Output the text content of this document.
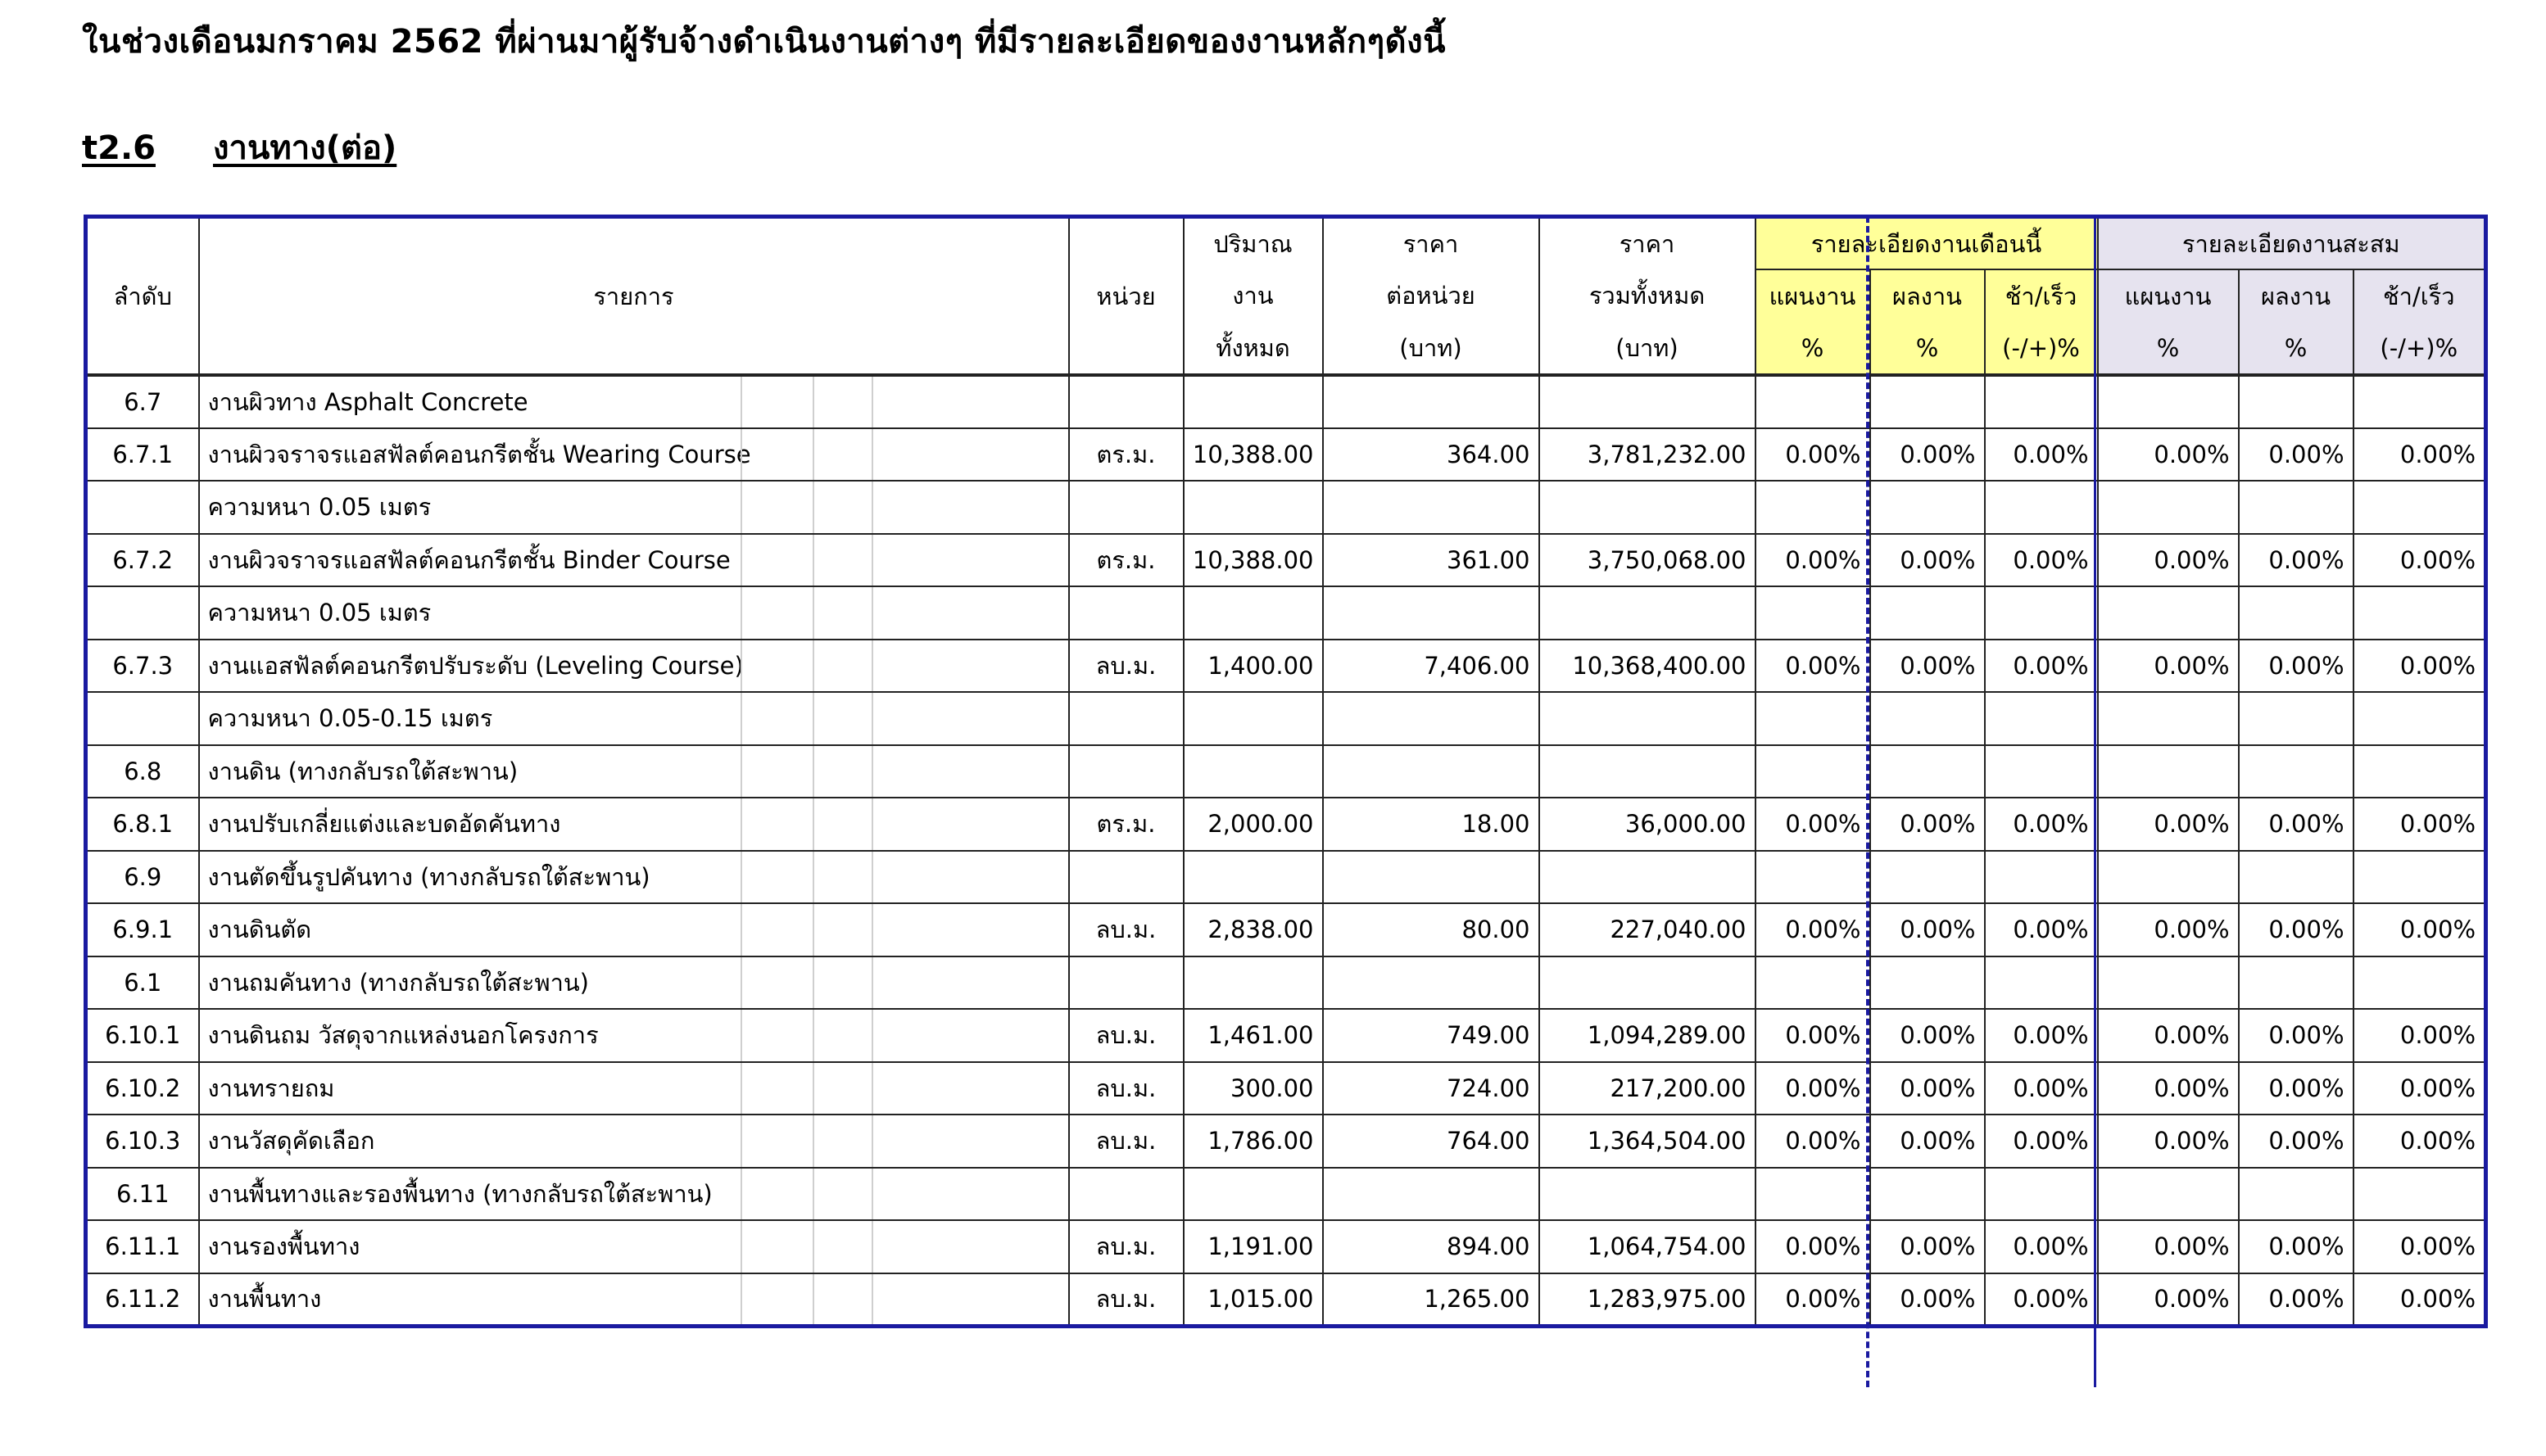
ในช่วงเดือนมกราคม 2562 ที่ผ่านมาผู้รับจ้างดำเนินงานต่างๆ ที่มีรายละเอียดของงานหลักๆดังนี้
t2.6 งานทาง(ต่อ)
ลำดับ	รายการ	หน่วย	ปริมาณ	ราคา	ราคา	รายละเอียดงานเดือนนี้			รายละเอียดงานสะสม		
			งาน	ต่อหน่วย	รวมทั้งหมด	แผนงาน	ผลงาน	ช้า/เร็ว	แผนงาน	ผลงาน	ช้า/เร็ว
			ทั้งหมด	(บาท)	(บาท)	%	%	(-/+)%	%	%	(-/+)%
6.7	งานผิวทาง Asphalt Concrete

6.7.1	งานผิวจราจรแอสฟัลต์คอนกรีตชั้น Wearing Course	ตร.ม.	10,388.00	364.00	3,781,232.00	0.00%	0.00%	0.00%	0.00%	0.00%	0.00%
	ความหนา 0.05 เมตร

6.7.2	งานผิวจราจรแอสฟัลต์คอนกรีตชั้น Binder Course	ตร.ม.	10,388.00	361.00	3,750,068.00	0.00%	0.00%	0.00%	0.00%	0.00%	0.00%
	ความหนา 0.05 เมตร

6.7.3	งานแอสฟัลต์คอนกรีตปรับระดับ (Leveling Course)	ลบ.ม.	1,400.00	7,406.00	10,368,400.00	0.00%	0.00%	0.00%	0.00%	0.00%	0.00%
	ความหนา 0.05-0.15 เมตร

6.8	งานดิน (ทางกลับรถใต้สะพาน)

6.8.1	งานปรับเกลี่ยแต่งและบดอัดคันทาง	ตร.ม.	2,000.00	18.00	36,000.00	0.00%	0.00%	0.00%	0.00%	0.00%	0.00%
6.9	งานตัดขึ้นรูปคันทาง (ทางกลับรถใต้สะพาน)

6.9.1	งานดินตัด	ลบ.ม.	2,838.00	80.00	227,040.00	0.00%	0.00%	0.00%	0.00%	0.00%	0.00%
6.1	งานถมคันทาง (ทางกลับรถใต้สะพาน)

6.10.1	งานดินถม วัสดุจากแหล่งนอกโครงการ	ลบ.ม.	1,461.00	749.00	1,094,289.00	0.00%	0.00%	0.00%	0.00%	0.00%	0.00%
6.10.2	งานทรายถม	ลบ.ม.	300.00	724.00	217,200.00	0.00%	0.00%	0.00%	0.00%	0.00%	0.00%
6.10.3	งานวัสดุคัดเลือก	ลบ.ม.	1,786.00	764.00	1,364,504.00	0.00%	0.00%	0.00%	0.00%	0.00%	0.00%
6.11	งานพื้นทางและรองพื้นทาง (ทางกลับรถใต้สะพาน)

6.11.1	งานรองพื้นทาง	ลบ.ม.	1,191.00	894.00	1,064,754.00	0.00%	0.00%	0.00%	0.00%	0.00%	0.00%
6.11.2	งานพื้นทาง	ลบ.ม.	1,015.00	1,265.00	1,283,975.00	0.00%	0.00%	0.00%	0.00%	0.00%	0.00%
